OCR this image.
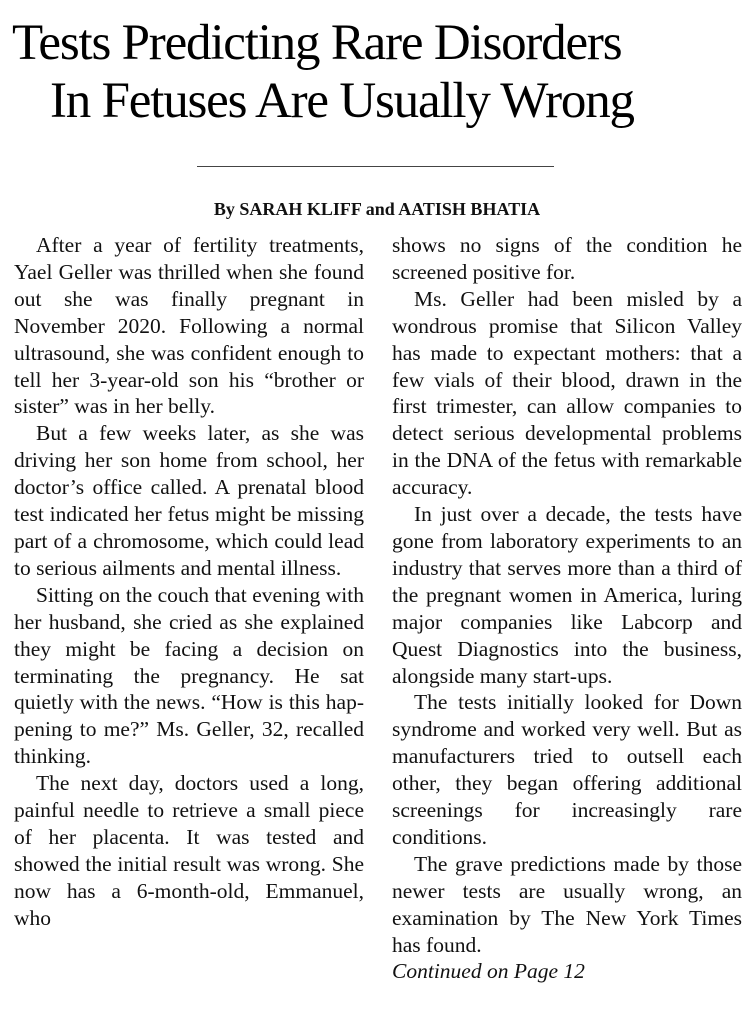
Tests Predicting Rare Disorders
In Fetuses Are Usually Wrong
By SARAH KLIFF and AATISH BHATIA

After a year of fertility treatments, Yael Geller was thrilled when she found out she was finally pregnant in November 2020. Following a normal ultrasound, she was confident enough to tell her 3-year-old son his “brother or sister” was in her belly.

But a few weeks later, as she was driving her son home from school, her doctor’s office called. A prenatal blood test indicated her fetus might be missing part of a chromosome, which could lead to serious ailments and mental illness.

Sitting on the couch that evening with her husband, she cried as she explained they might be facing a decision on terminating the pregnancy. He sat quietly with the news. “How is this happening to me?” Ms. Geller, 32, recalled thinking.

The next day, doctors used a long, painful needle to retrieve a small piece of her placenta. It was tested and showed the initial result was wrong. She now has a 6-month-old, Emmanuel, who

shows no signs of the condition he screened positive for.

Ms. Geller had been misled by a wondrous promise that Silicon Valley has made to expectant mothers: that a few vials of their blood, drawn in the first trimester, can allow companies to detect serious developmental problems in the DNA of the fetus with remarkable accuracy.

In just over a decade, the tests have gone from laboratory experiments to an industry that serves more than a third of the pregnant women in America, luring major companies like Labcorp and Quest Diagnostics into the business, alongside many start-ups.

The tests initially looked for Down syndrome and worked very well. But as manufacturers tried to outsell each other, they began offering additional screenings for increasingly rare conditions.

The grave predictions made by those newer tests are usually wrong, an examination by The New York Times has found.

Continued on Page 12
